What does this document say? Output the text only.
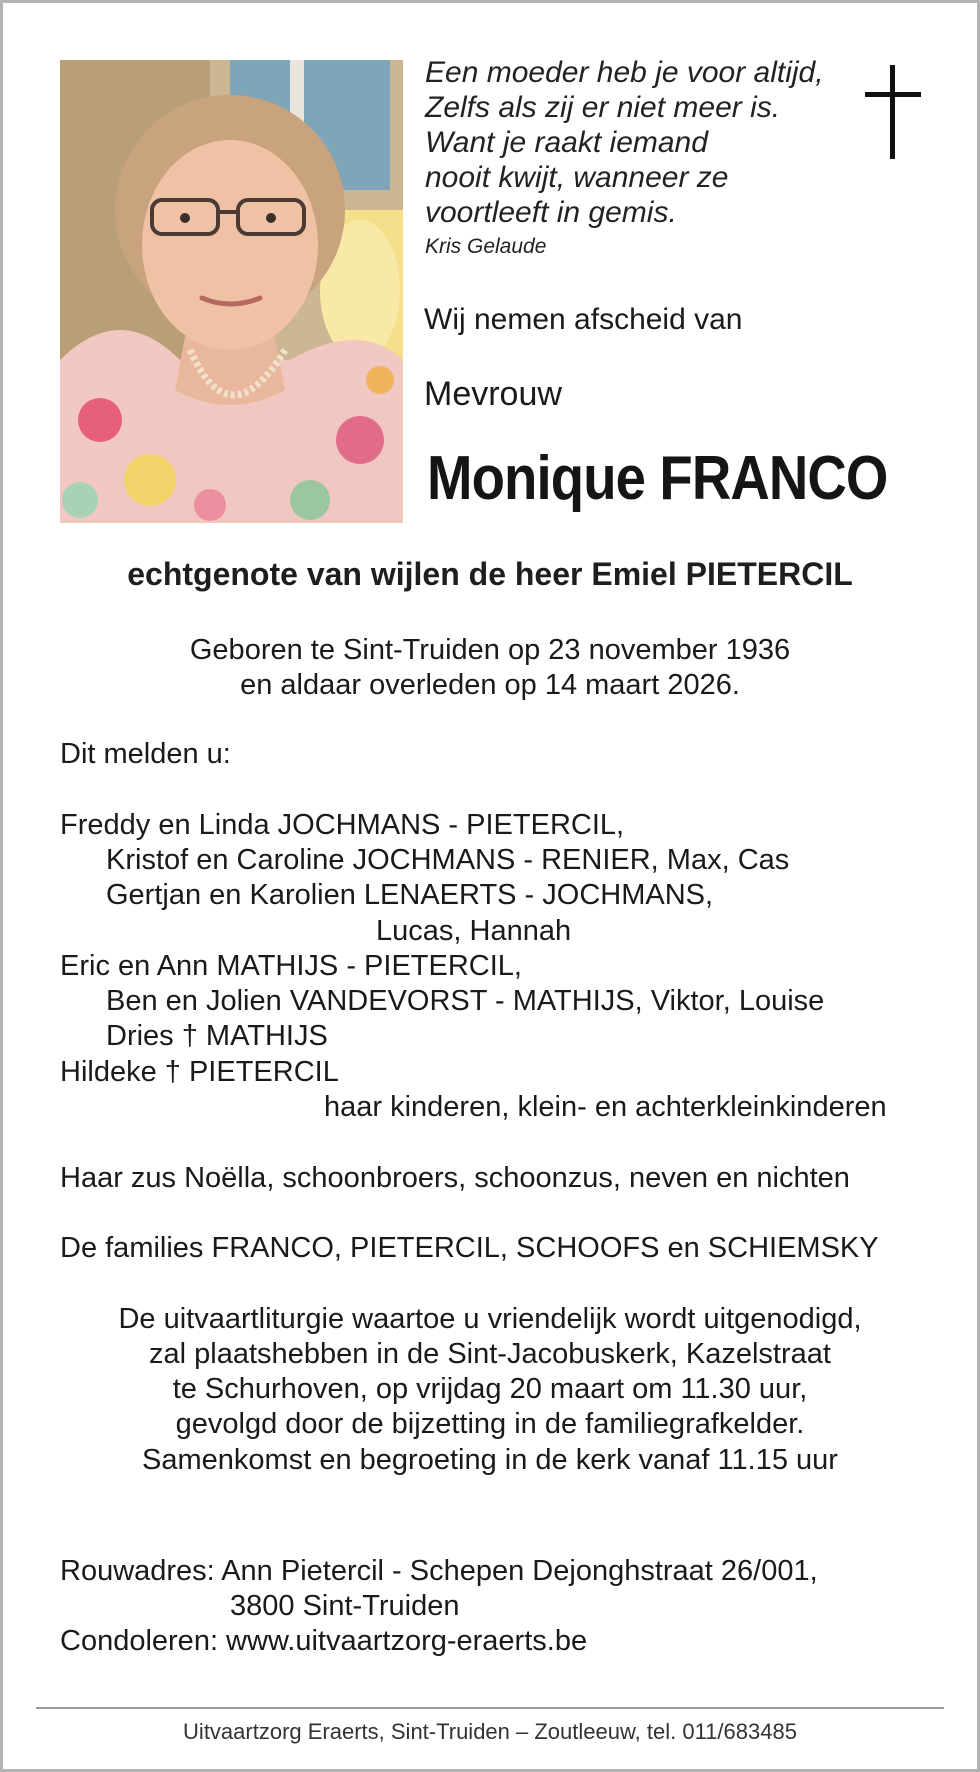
Een moeder heb je voor altijd,
Zelfs als zij er niet meer is.
Want je raakt iemand
nooit kwijt, wanneer ze
voortleeft in gemis.
Kris Gelaude
Wij nemen afscheid van
Mevrouw
Monique FRANCO
echtgenote van wijlen de heer Emiel PIETERCIL
Geboren te Sint-Truiden op 23 november 1936
en aldaar overleden op 14 maart 2026.
Dit melden u:
Freddy en Linda JOCHMANS - PIETERCIL,
Kristof en Caroline JOCHMANS - RENIER, Max, Cas
Gertjan en Karolien LENAERTS - JOCHMANS,
Lucas, Hannah
Eric en Ann MATHIJS - PIETERCIL,
Ben en Jolien VANDEVORST - MATHIJS, Viktor, Louise
Dries † MATHIJS
Hildeke † PIETERCIL
haar kinderen, klein- en achterkleinkinderen
Haar zus Noëlla, schoonbroers, schoonzus, neven en nichten
De families FRANCO, PIETERCIL, SCHOOFS en SCHIEMSKY
De uitvaartliturgie waartoe u vriendelijk wordt uitgenodigd,
zal plaatshebben in de Sint-Jacobuskerk, Kazelstraat
te Schurhoven, op vrijdag 20 maart om 11.30 uur,
gevolgd door de bijzetting in de familiegrafkelder.
Samenkomst en begroeting in de kerk vanaf 11.15 uur
Rouwadres: Ann Pietercil - Schepen Dejonghstraat 26/001,
3800 Sint-Truiden
Condoleren: www.uitvaartzorg-eraerts.be
Uitvaartzorg Eraerts, Sint-Truiden – Zoutleeuw, tel. 011/683485
